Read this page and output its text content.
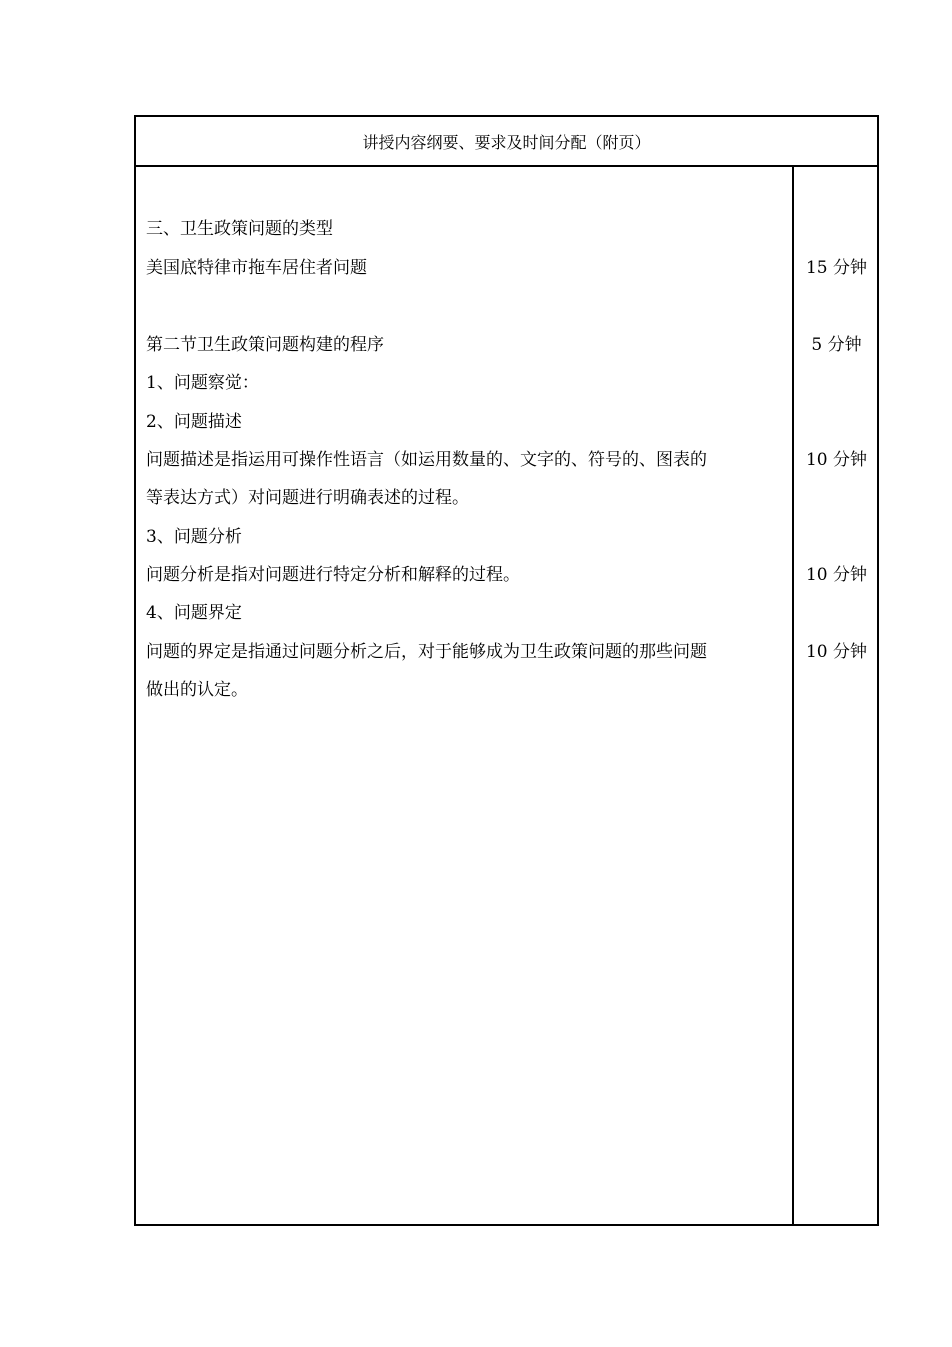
讲授内容纲要、要求及时间分配（附页）
三、卫生政策问题的类型
美国底特律市拖车居住者问题
第二节卫生政策问题构建的程序
1、问题察觉：
2、问题描述
问题描述是指运用可操作性语言（如运用数量的、文字的、符号的、图表的
等表达方式）对问题进行明确表述的过程。
3、问题分析
问题分析是指对问题进行特定分析和解释的过程。
4、问题界定
问题的界定是指通过问题分析之后，对于能够成为卫生政策问题的那些问题
做出的认定。
15 分钟
5 分钟
10 分钟
10 分钟
10 分钟
